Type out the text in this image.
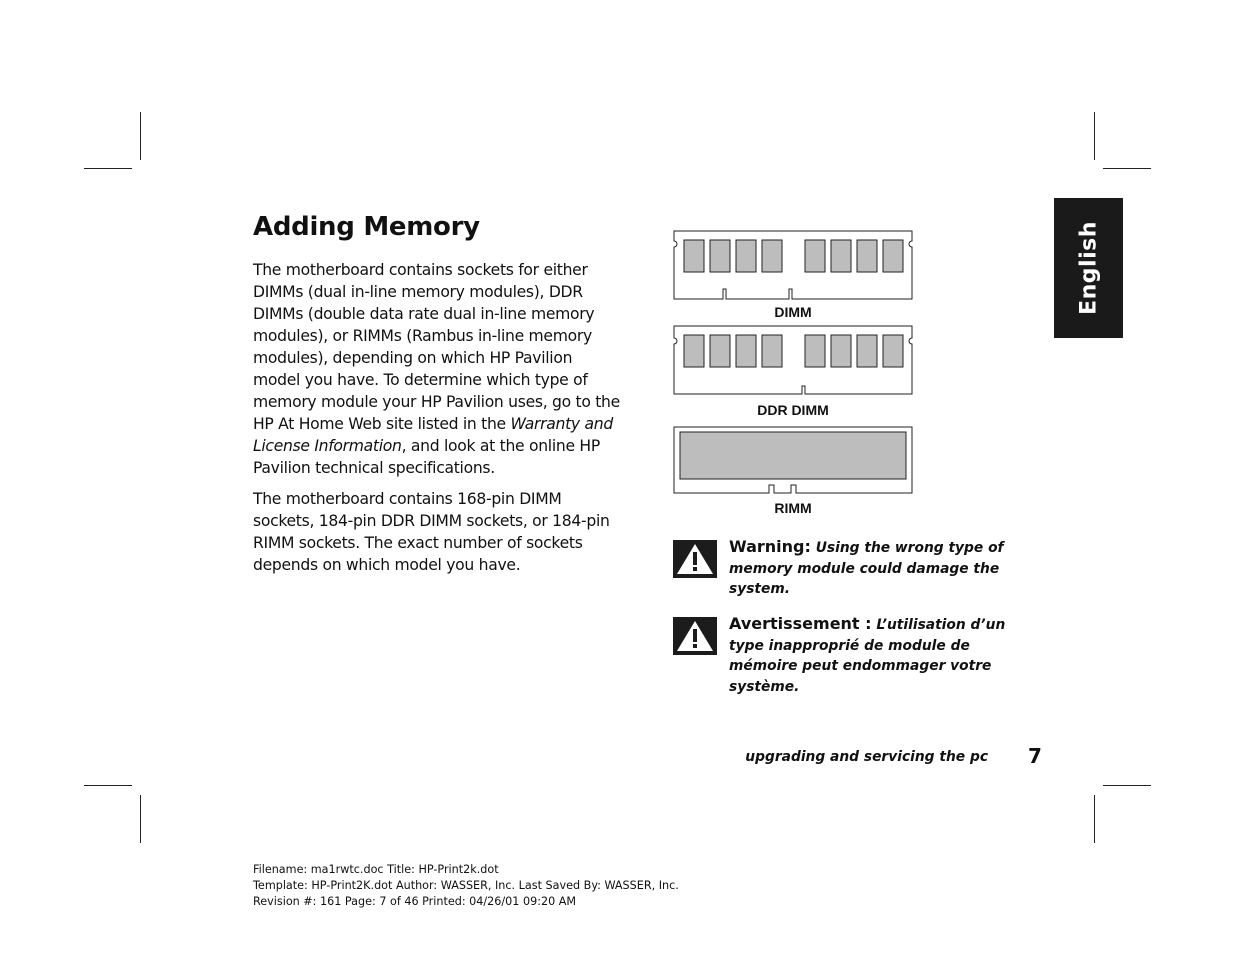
English
Adding Memory

The motherboard contains sockets for either DIMMs (dual in-line memory modules), DDR DIMMs (double data rate dual in-line memory modules), or RIMMs (Rambus in-line memory modules), depending on which HP Pavilion model you have. To determine which type of memory module your HP Pavilion uses, go to the HP At Home Web site listed in the Warranty and License Information, and look at the online HP Pavilion technical specifications.

The motherboard contains 168-pin DIMM sockets, 184-pin DDR DIMM sockets, or 184-pin RIMM sockets. The exact number of sockets depends on which model you have.

DIMM
DDR DIMM
RIMM

Warning: Using the wrong type of memory module could damage the system.

Avertissement : L’utilisation d’un type inapproprié de module de mémoire peut endommager votre système.

upgrading and servicing the pc 7
Filename: ma1rwtc.doc Title: HP-Print2k.dot
Template: HP-Print2K.dot Author: WASSER, Inc. Last Saved By: WASSER, Inc.
Revision #: 161 Page: 7 of 46 Printed: 04/26/01 09:20 AM
